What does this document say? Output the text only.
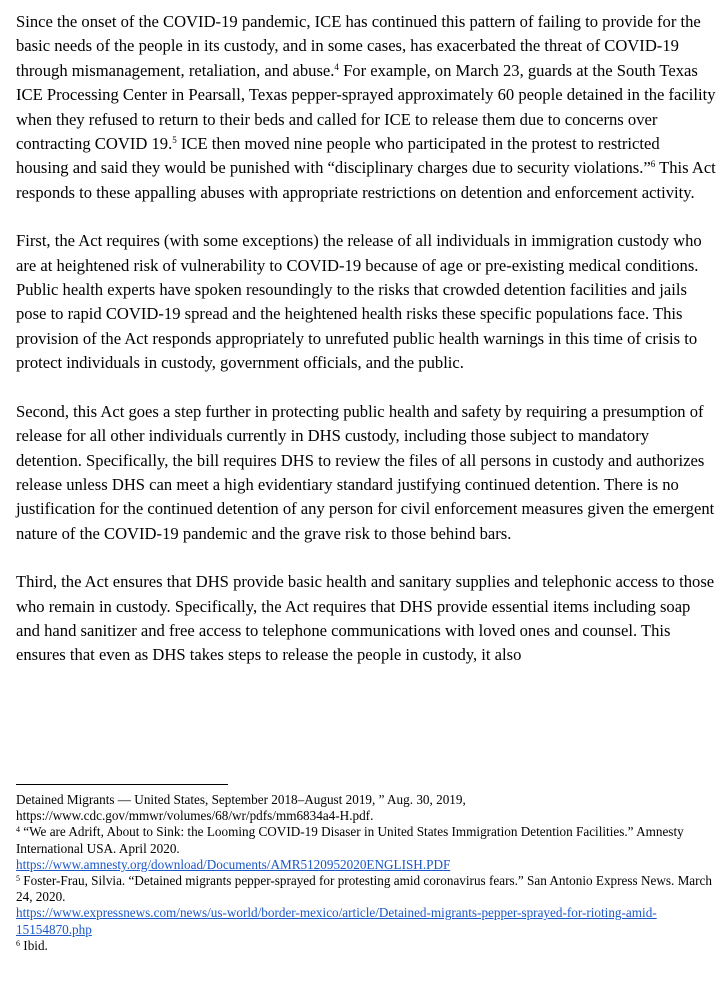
Since the onset of the COVID-19 pandemic, ICE has continued this pattern of failing to provide for the basic needs of the people in its custody, and in some cases, has exacerbated the threat of COVID-19 through mismanagement, retaliation, and abuse.$^4$ For example, on March 23, guards at the South Texas ICE Processing Center in Pearsall, Texas pepper-sprayed approximately 60 people detained in the facility when they refused to return to their beds and called for ICE to release them due to concerns over contracting COVID 19.$^5$ ICE then moved nine people who participated in the protest to restricted housing and said they would be punished with “disciplinary charges due to security violations.”$^6$ This Act responds to these appalling abuses with appropriate restrictions on detention and enforcement activity.

First, the Act requires (with some exceptions) the release of all individuals in immigration custody who are at heightened risk of vulnerability to COVID-19 because of age or pre-existing medical conditions. Public health experts have spoken resoundingly to the risks that crowded detention facilities and jails pose to rapid COVID-19 spread and the heightened health risks these specific populations face. This provision of the Act responds appropriately to unrefuted public health warnings in this time of crisis to protect individuals in custody, government officials, and the public.

Second, this Act goes a step further in protecting public health and safety by requiring a presumption of release for all other individuals currently in DHS custody, including those subject to mandatory detention. Specifically, the bill requires DHS to review the files of all persons in custody and authorizes release unless DHS can meet a high evidentiary standard justifying continued detention. There is no justification for the continued detention of any person for civil enforcement measures given the emergent nature of the COVID-19 pandemic and the grave risk to those behind bars.

Third, the Act ensures that DHS provide basic health and sanitary supplies and telephonic access to those who remain in custody. Specifically, the Act requires that DHS provide essential items including soap and hand sanitizer and free access to telephone communications with loved ones and counsel. This ensures that even as DHS takes steps to release the people in custody, it also

Detained Migrants — United States, September 2018–August 2019, ” Aug. 30, 2019,
https://www.cdc.gov/mmwr/volumes/68/wr/pdfs/mm6834a4-H.pdf.

$^4$ “We are Adrift, About to Sink: the Looming COVID-19 Disaser in United States Immigration Detention Facilities.” Amnesty International USA. April 2020.
https://www.amnesty.org/download/Documents/AMR5120952020ENGLISH.PDF

$^5$ Foster-Frau, Silvia. “Detained migrants pepper-sprayed for protesting amid coronavirus fears.” San Antonio Express News. March 24, 2020.
https://www.expressnews.com/news/us-world/border-mexico/article/Detained-migrants-pepper-sprayed-for-rioting-amid-15154870.php

$^6$ Ibid.
